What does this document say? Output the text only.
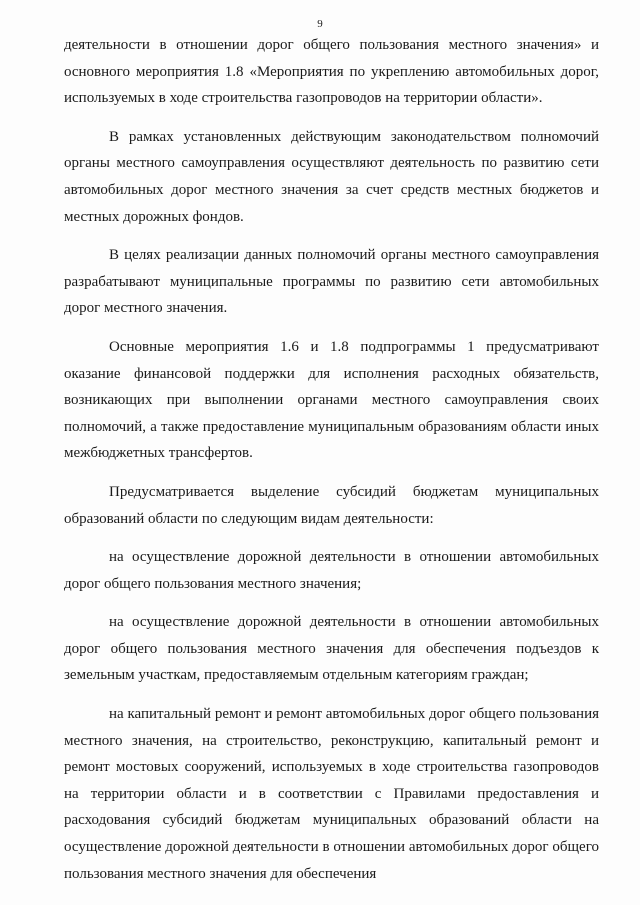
9

деятельности в отношении дорог общего пользования местного значения» и основного мероприятия 1.8 «Мероприятия по укреплению автомобильных дорог, используемых в ходе строительства газопроводов на территории области».

В рамках установленных действующим законодательством полномочий органы местного самоуправления осуществляют деятельность по развитию сети автомобильных дорог местного значения за счет средств местных бюджетов и местных дорожных фондов.

В целях реализации данных полномочий органы местного самоуправления разрабатывают муниципальные программы по развитию сети автомобильных дорог местного значения.

Основные мероприятия 1.6 и 1.8 подпрограммы 1 предусматривают оказание финансовой поддержки для исполнения расходных обязательств, возникающих при выполнении органами местного самоуправления своих полномочий, а также предоставление муниципальным образованиям области иных межбюджетных трансфертов.

Предусматривается выделение субсидий бюджетам муниципальных образований области по следующим видам деятельности:

на осуществление дорожной деятельности в отношении автомобильных дорог общего пользования местного значения;

на осуществление дорожной деятельности в отношении автомобильных дорог общего пользования местного значения для обеспечения подъездов к земельным участкам, предоставляемым отдельным категориям граждан;

на капитальный ремонт и ремонт автомобильных дорог общего пользования местного значения, на строительство, реконструкцию, капитальный ремонт и ремонт мостовых сооружений, используемых в ходе строительства газопроводов на территории области и в соответствии с Правилами предоставления и расходования субсидий бюджетам муниципальных образований области на осуществление дорожной деятельности в отношении автомобильных дорог общего пользования местного значения для обеспечения
